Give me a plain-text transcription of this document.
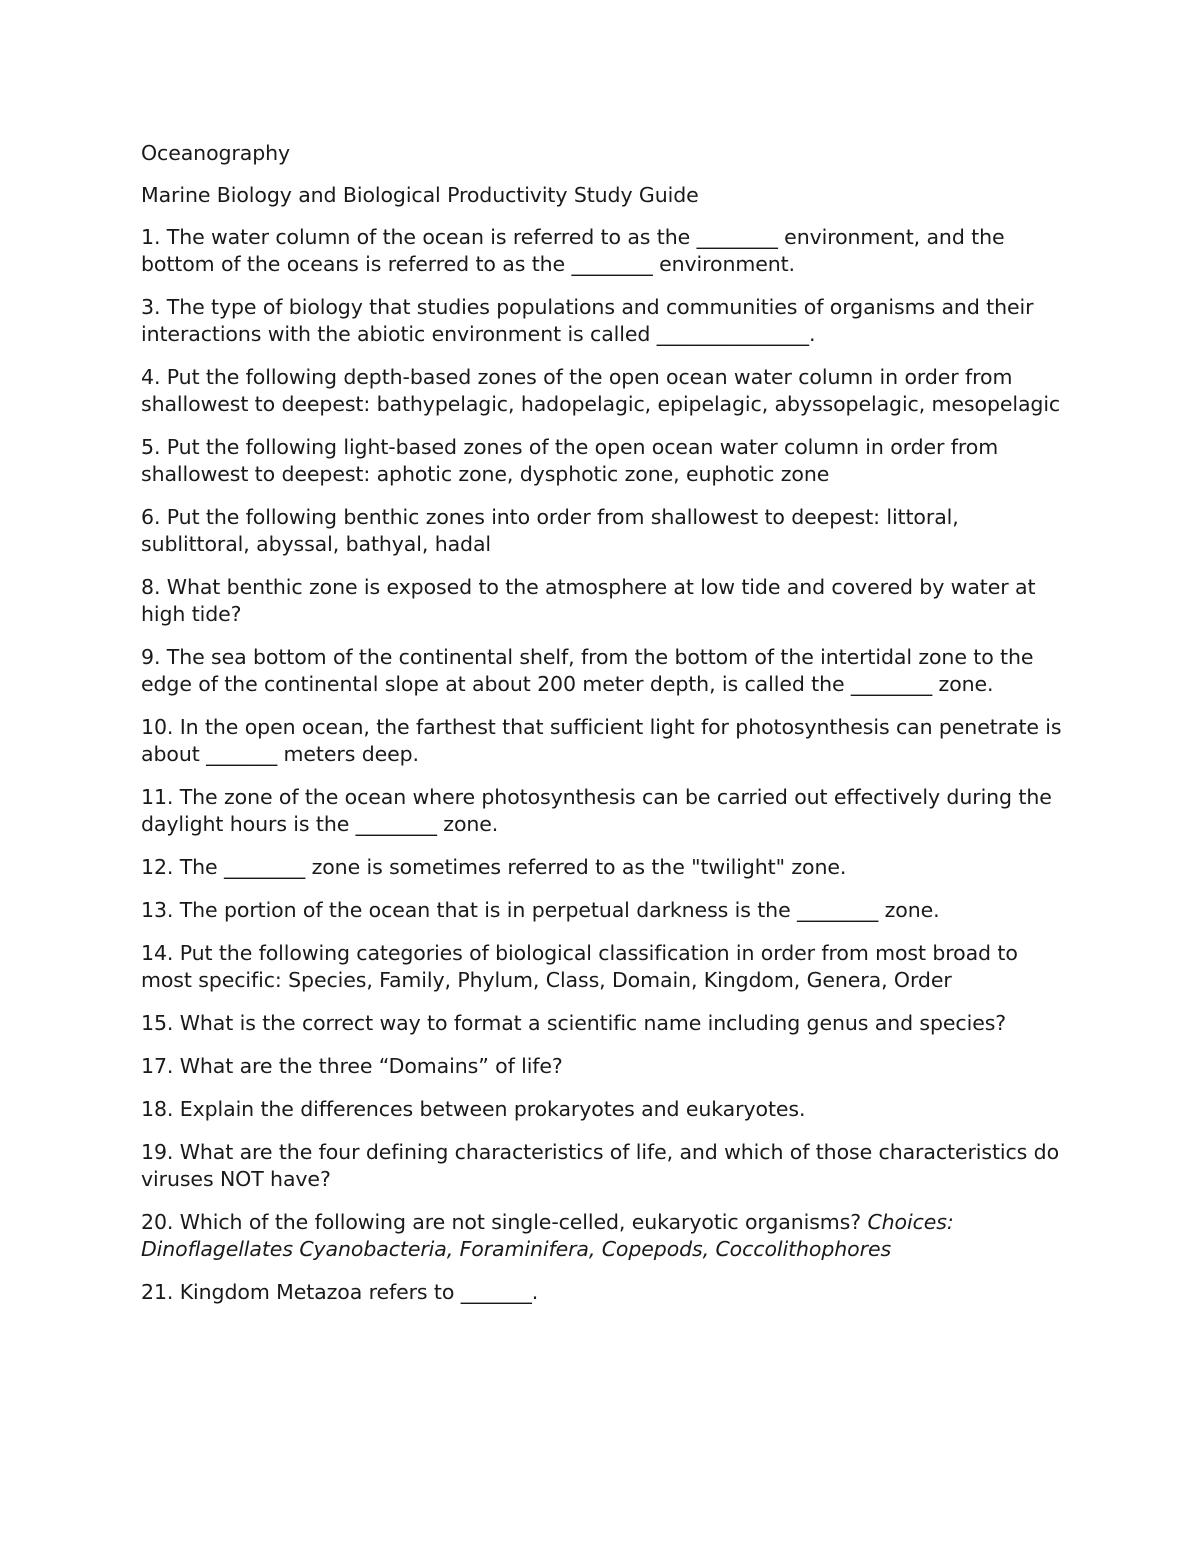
Oceanography

Marine Biology and Biological Productivity Study Guide

1. The water column of the ocean is referred to as the ________ environment, and the bottom of the oceans is referred to as the ________ environment.

3. The type of biology that studies populations and communities of organisms and their interactions with the abiotic environment is called _______________.

4. Put the following depth-based zones of the open ocean water column in order from shallowest to deepest: bathypelagic, hadopelagic, epipelagic, abyssopelagic, mesopelagic

5. Put the following light-based zones of the open ocean water column in order from shallowest to deepest: aphotic zone, dysphotic zone, euphotic zone

6. Put the following benthic zones into order from shallowest to deepest: littoral, sublittoral, abyssal, bathyal, hadal

8. What benthic zone is exposed to the atmosphere at low tide and covered by water at high tide?

9. The sea bottom of the continental shelf, from the bottom of the intertidal zone to the edge of the continental slope at about 200 meter depth, is called the ________ zone.

10. In the open ocean, the farthest that sufficient light for photosynthesis can penetrate is about _______ meters deep.

11. The zone of the ocean where photosynthesis can be carried out effectively during the daylight hours is the ________ zone.

12. The ________ zone is sometimes referred to as the "twilight" zone.

13. The portion of the ocean that is in perpetual darkness is the ________ zone.

14. Put the following categories of biological classification in order from most broad to most specific: Species, Family, Phylum, Class, Domain, Kingdom, Genera, Order

15. What is the correct way to format a scientific name including genus and species?

17. What are the three “Domains” of life?

18. Explain the differences between prokaryotes and eukaryotes.

19. What are the four defining characteristics of life, and which of those characteristics do viruses NOT have?

20. Which of the following are not single-celled, eukaryotic organisms? Choices: Dinoflagellates Cyanobacteria, Foraminifera, Copepods, Coccolithophores

21. Kingdom Metazoa refers to _______.
